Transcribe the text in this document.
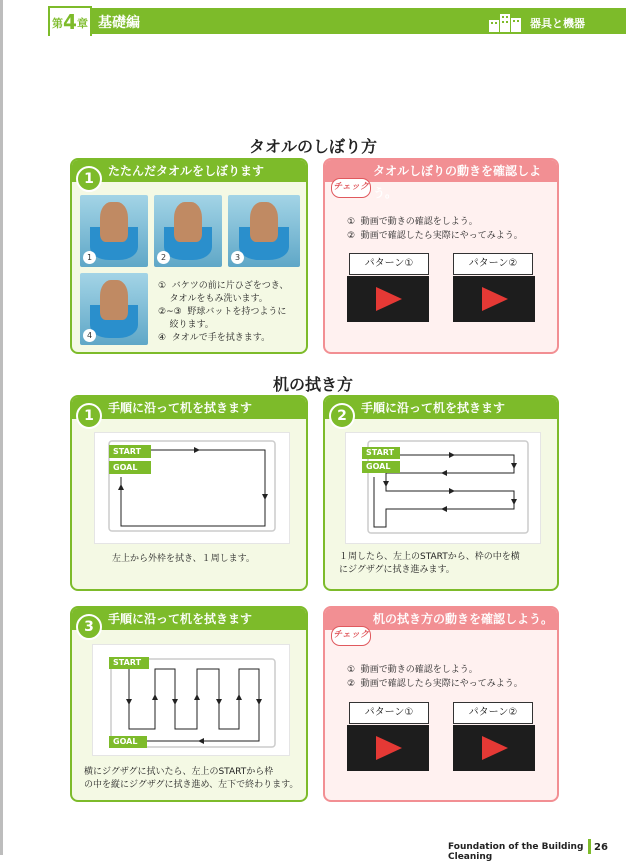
第4章 基礎編	器具と機器
タオルのしぼり方
たたんだタオルをしぼります
1
1	2	3
4
①  バケツの前に片ひざをつき、
タオルをもみ洗います。
②~③  野球バットを持つように
絞ります。
④  タオルで手を拭きます。
タオルしぼりの動きを確認しよう。
チェック
①  動画で動きの確認をしよう。
②  動画で確認したら実際にやってみよう。
パターン①	パターン②
机の拭き方
手順に沿って机を拭きます
1
START
GOAL
左上から外枠を拭き、１周します。
手順に沿って机を拭きます
2
START
GOAL
１周したら、左上のSTARTから、枠の中を横
にジグザグに拭き進みます。
手順に沿って机を拭きます
3
START
GOAL
横にジグザグに拭いたら、左上のSTARTから枠
の中を縦にジグザグに拭き進め、左下で終わります。
机の拭き方の動きを確認しよう。
チェック
①  動画で動きの確認をしよう。
②  動画で確認したら実際にやってみよう。
パターン①	パターン②
Foundation of the Building Cleaning
26
